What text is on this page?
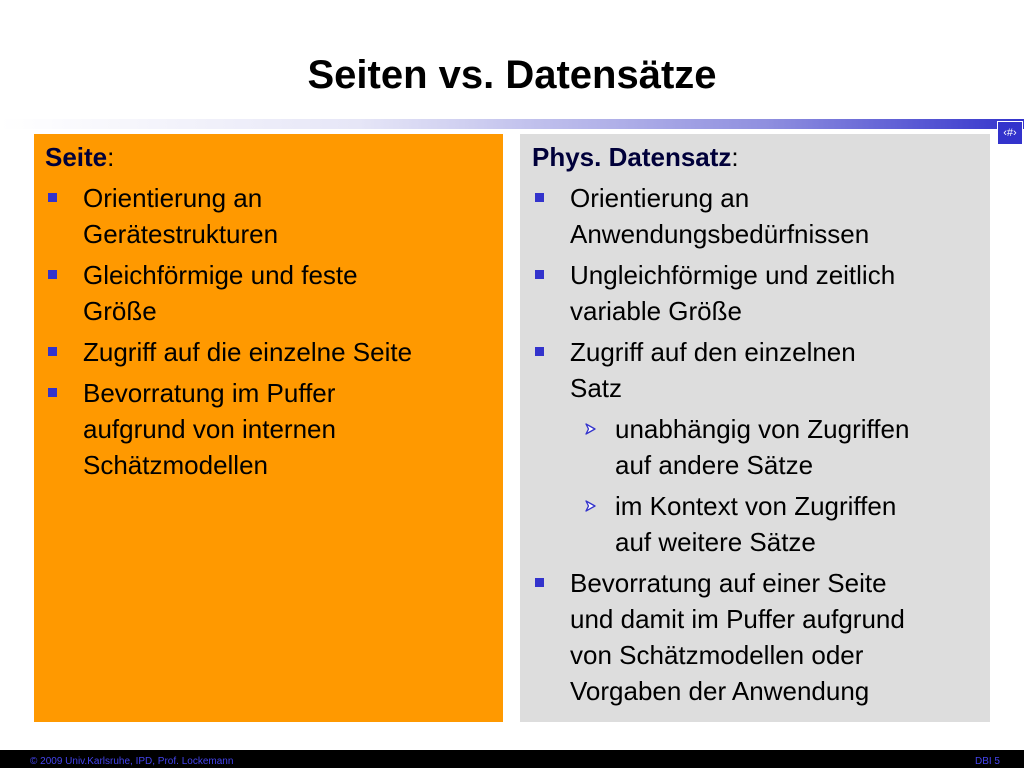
Seiten vs. Datensätze
‹#›
Seite:
Orientierung an
Gerätestrukturen
Gleichförmige und feste
Größe
Zugriff auf die einzelne Seite
Bevorratung im Puffer
aufgrund von internen
Schätzmodellen
Phys. Datensatz:
Orientierung an
Anwendungsbedürfnissen
Ungleichförmige und zeitlich
variable Größe
Zugriff auf den einzelnen
Satz
unabhängig von Zugriffen
auf andere Sätze
im Kontext von Zugriffen
auf weitere Sätze
Bevorratung auf einer Seite
und damit im Puffer aufgrund
von Schätzmodellen oder
Vorgaben der Anwendung
© 2009 Univ.Karlsruhe, IPD, Prof. Lockemann	DBI 5
